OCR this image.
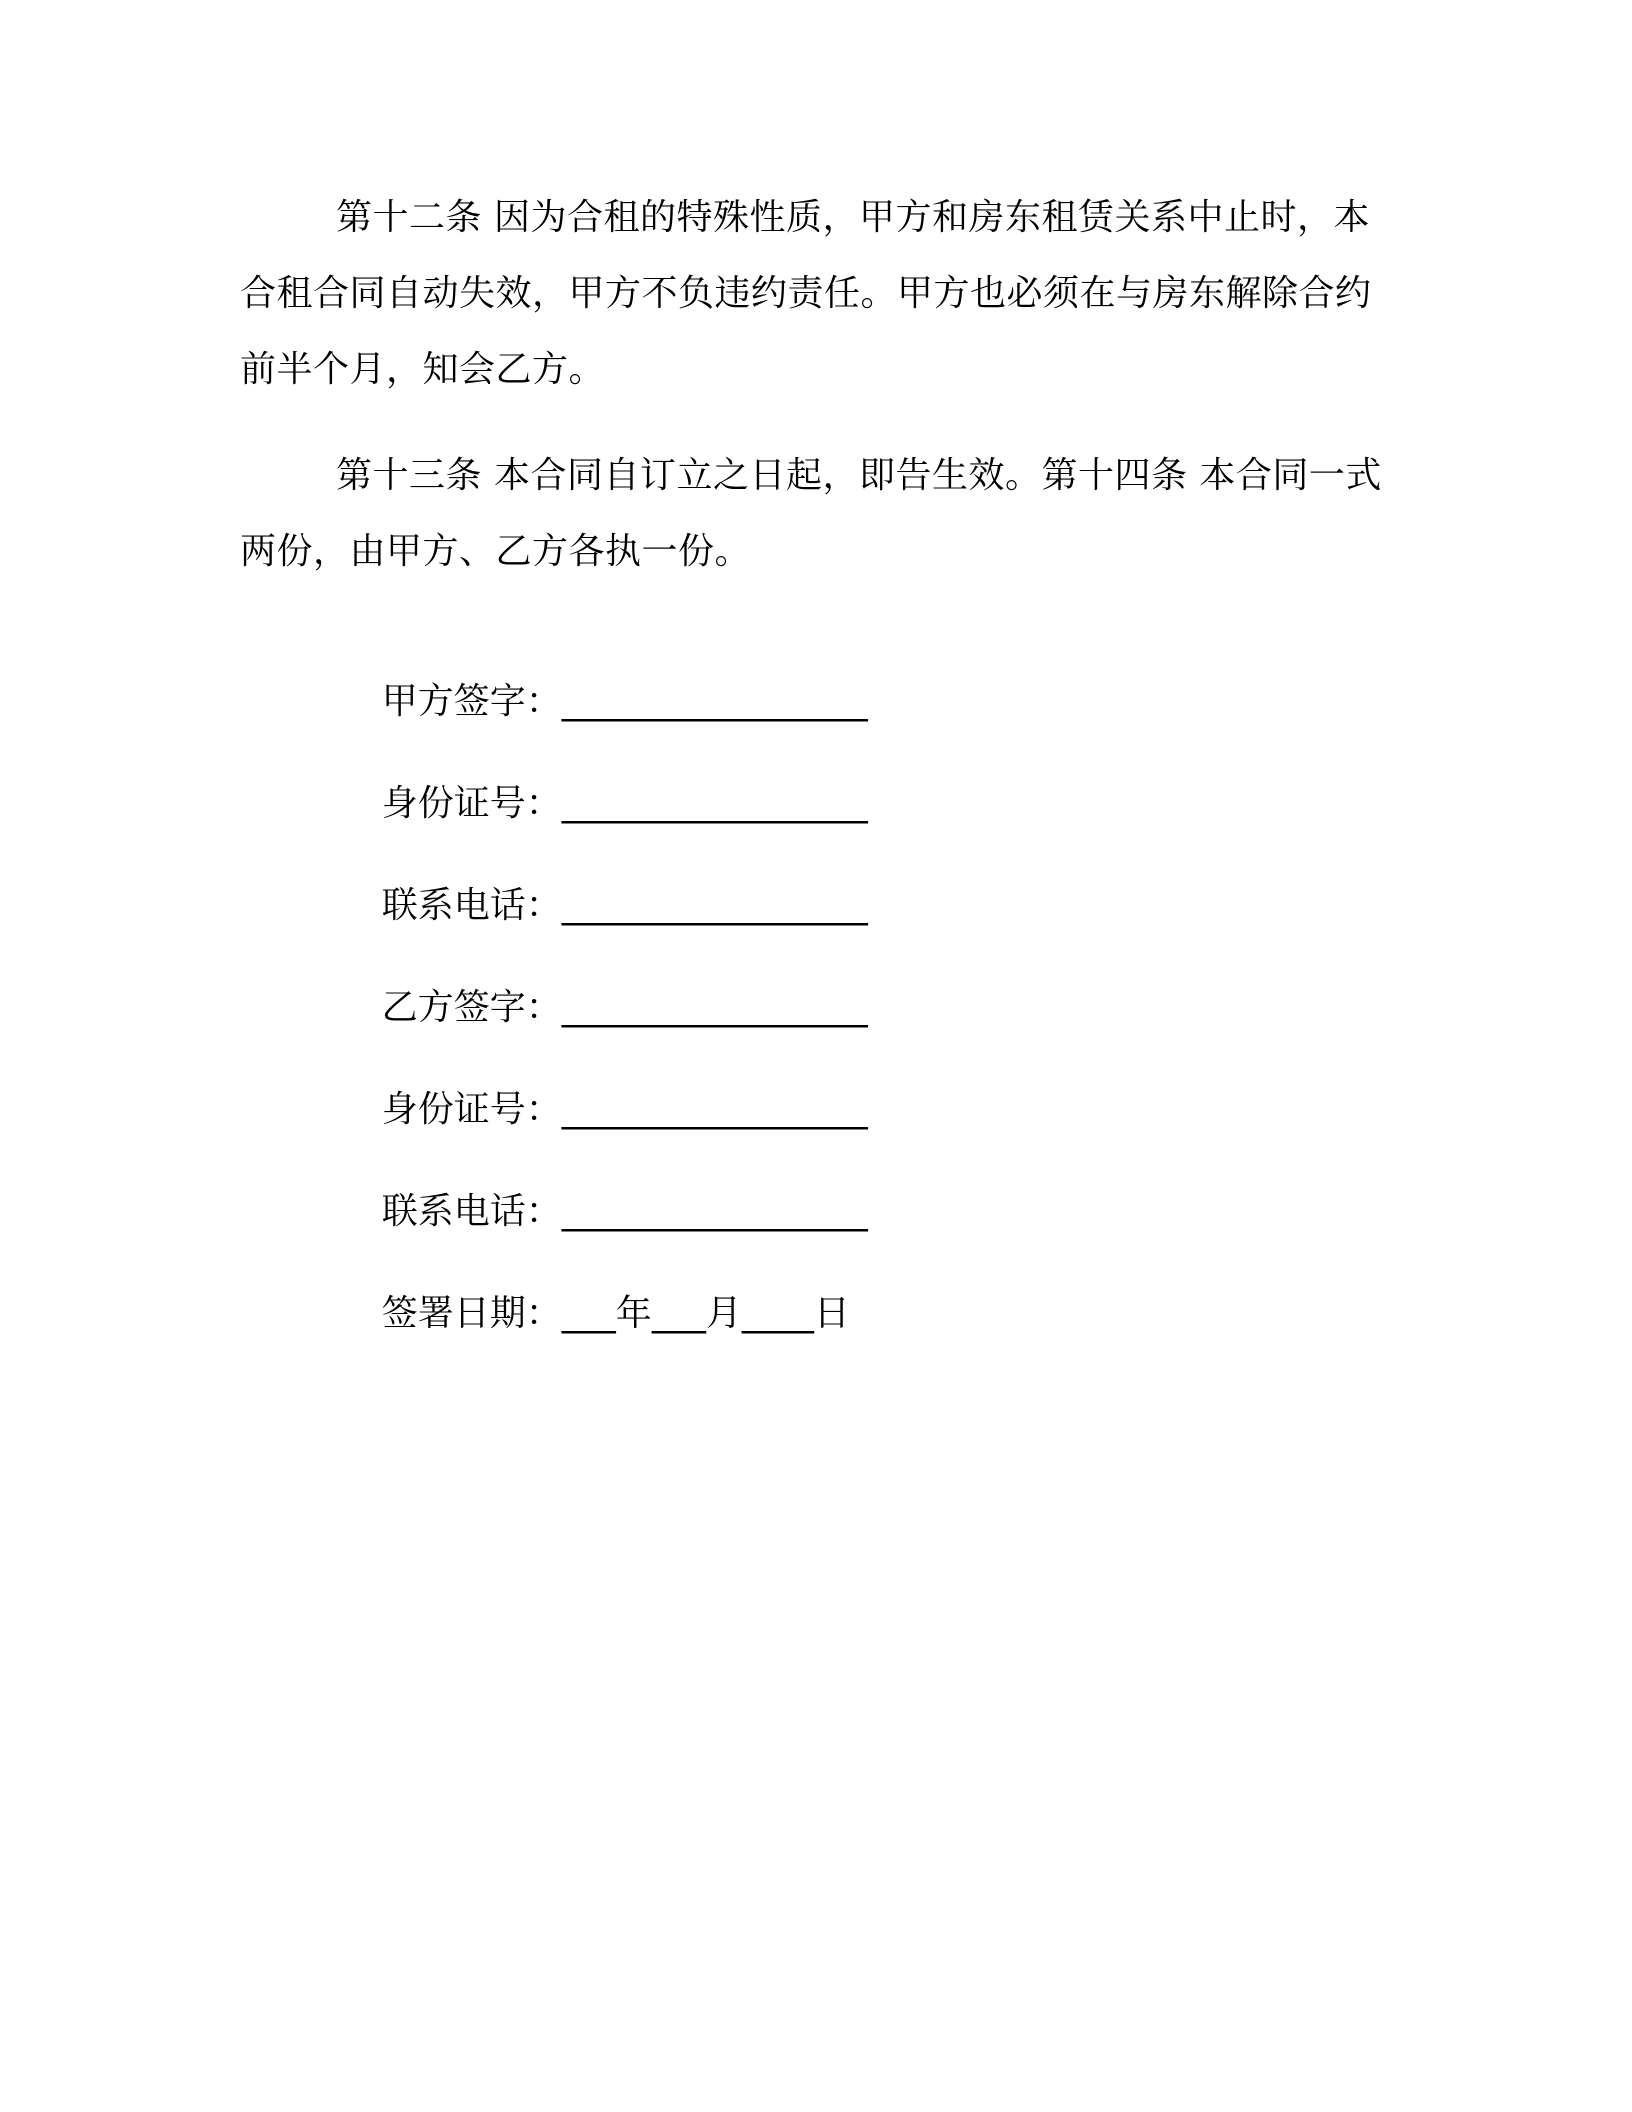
第十二条 因为合租的特殊性质，甲方和房东租赁关系中止时，本合租合同自动失效，甲方不负违约责任。甲方也必须在与房东解除合约前半个月，知会乙方。

第十三条 本合同自订立之日起，即告生效。第十四条 本合同一式两份，由甲方、乙方各执一份。

甲方签字：_________________

身份证号：_________________

联系电话：_________________

乙方签字：_________________

身份证号：_________________

联系电话：_________________

签署日期：___年___月____日
